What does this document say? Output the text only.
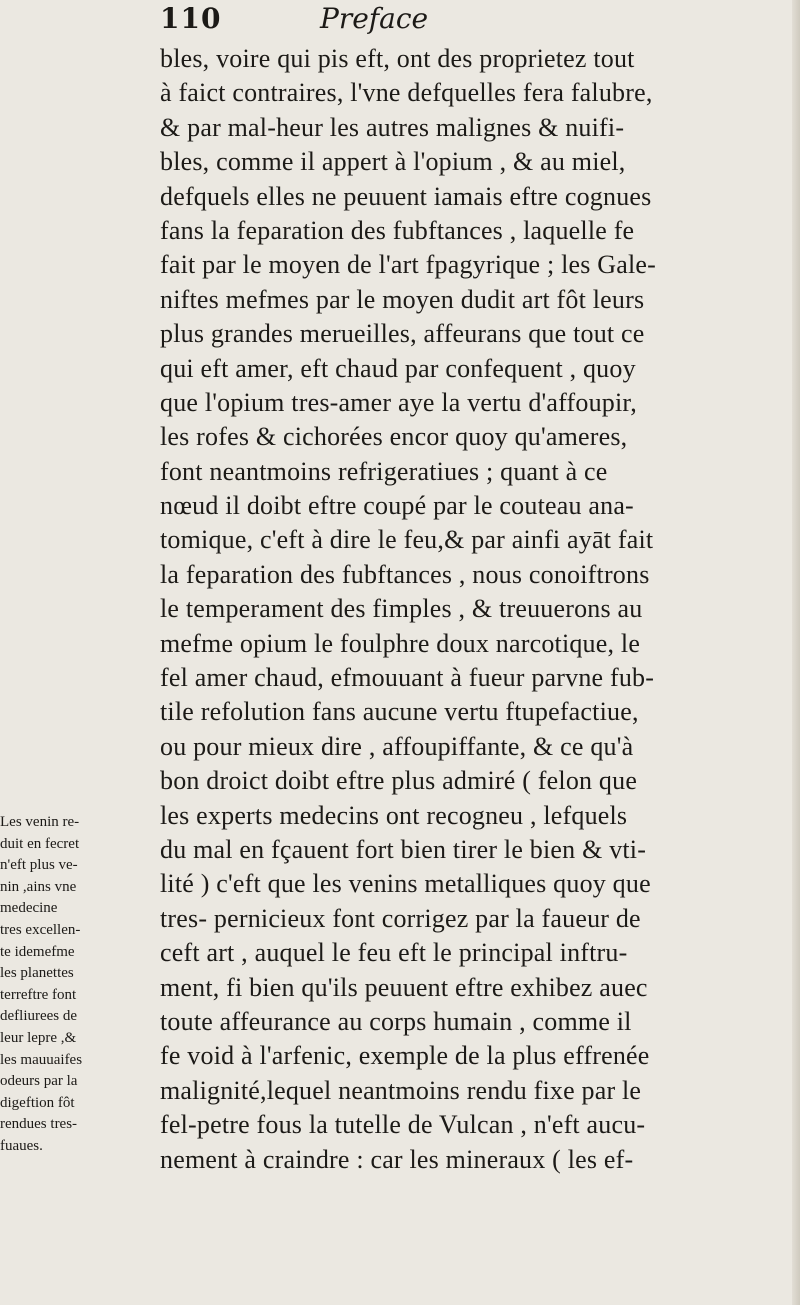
110	Preface
bles, voire qui pis eft, ont des proprietez tout
à faict contraires, l'vne defquelles fera falubre,
& par mal-heur les autres malignes & nuifi-
bles, comme il appert à l'opium , & au miel,
defquels elles ne peuuent iamais eftre cognues
fans la feparation des fubftances , laquelle fe
fait par le moyen de l'art fpagyrique ; les Gale-
niftes mefmes par le moyen dudit art fôt leurs
plus grandes merueilles, affeurans que tout ce
qui eft amer, eft chaud par confequent , quoy
que l'opium tres-amer aye la vertu d'affoupir,
les rofes & cichorées encor quoy qu'ameres,
font neantmoins refrigeratiues ; quant à ce
nœud il doibt eftre coupé par le couteau ana-
tomique, c'eft à dire le feu,& par ainfi ayāt fait
la feparation des fubftances , nous conoiftrons
le temperament des fimples , & treuuerons au
mefme opium le foulphre doux narcotique, le
fel amer chaud, efmouuant à fueur parvne fub-
tile refolution fans aucune vertu ftupefactiue,
ou pour mieux dire , affoupiffante, & ce qu'à
bon droict doibt eftre plus admiré ( felon que
les experts medecins ont recogneu , lefquels
du mal en fçauent fort bien tirer le bien & vti-
lité ) c'eft que les venins metalliques quoy que
tres- pernicieux font corrigez par la faueur de
ceft art , auquel le feu eft le principal inftru-
ment, fi bien qu'ils peuuent eftre exhibez auec
toute affeurance au corps humain , comme il
fe void à l'arfenic, exemple de la plus effrenée
malignité,lequel neantmoins rendu fixe par le
fel-petre fous la tutelle de Vulcan , n'eft aucu-
nement à craindre : car les mineraux ( les ef-
Les venin re-
duit en fecret
n'eft plus ve-
nin ,ains vne
medecine
tres excellen-
te idemefme
les planettes
terreftre font
defliurees de
leur lepre ,&
les mauuaifes
odeurs par la
digeftion fôt
rendues tres-
fuaues.
